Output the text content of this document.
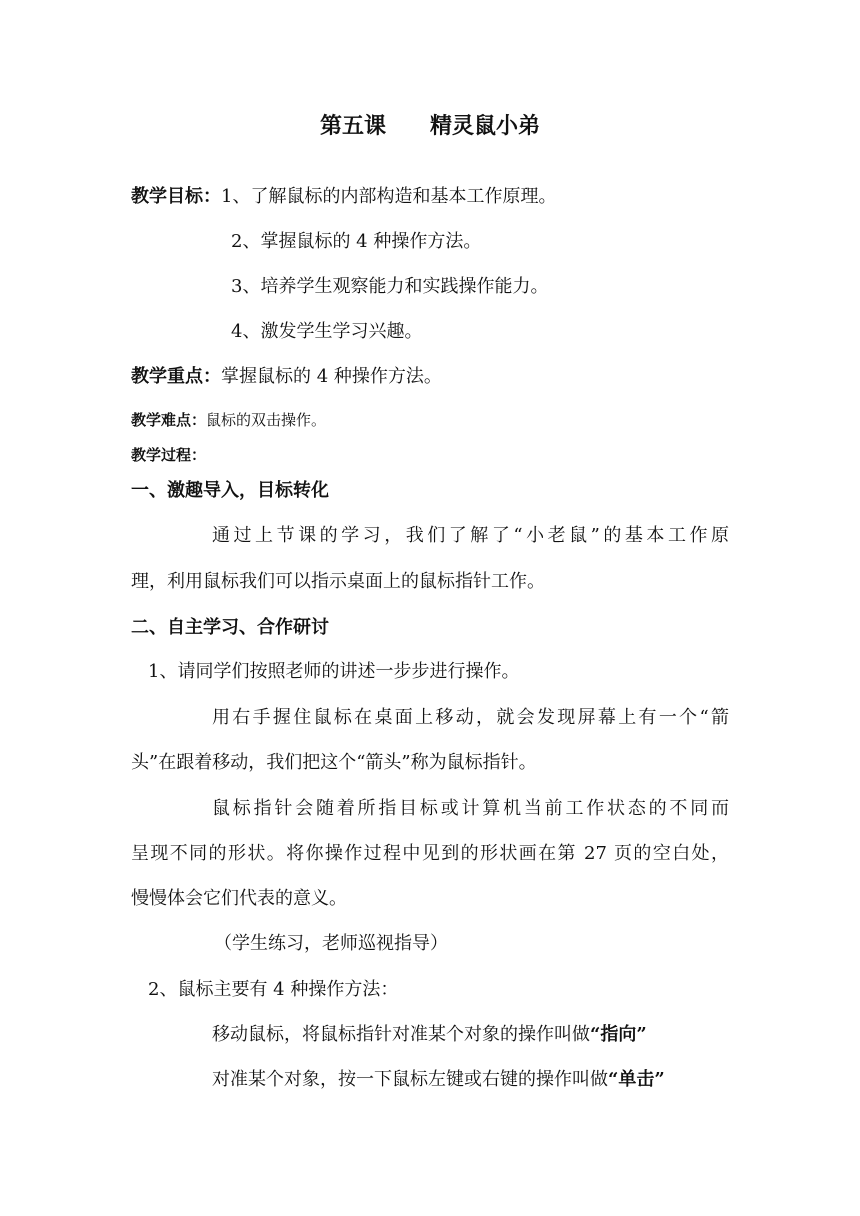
第五课 精灵鼠小弟
教学目标：1、了解鼠标的内部构造和基本工作原理。
2、掌握鼠标的 4 种操作方法。
3、培养学生观察能力和实践操作能力。
4、激发学生学习兴趣。
教学重点：掌握鼠标的 4 种操作方法。
教学难点：鼠标的双击操作。
教学过程：
一、激趣导入，目标转化
通过上节课的学习，我们了解了“小老鼠”的基本工作原
理，利用鼠标我们可以指示桌面上的鼠标指针工作。
二、自主学习、合作研讨
1、请同学们按照老师的讲述一步步进行操作。
用右手握住鼠标在桌面上移动，就会发现屏幕上有一个“箭
头”在跟着移动，我们把这个“箭头”称为鼠标指针。
鼠标指针会随着所指目标或计算机当前工作状态的不同而
呈现不同的形状。将你操作过程中见到的形状画在第 27 页的空白处，
慢慢体会它们代表的意义。
（学生练习，老师巡视指导）
2、鼠标主要有 4 种操作方法：
移动鼠标，将鼠标指针对准某个对象的操作叫做“指向”
对准某个对象，按一下鼠标左键或右键的操作叫做“单击”
